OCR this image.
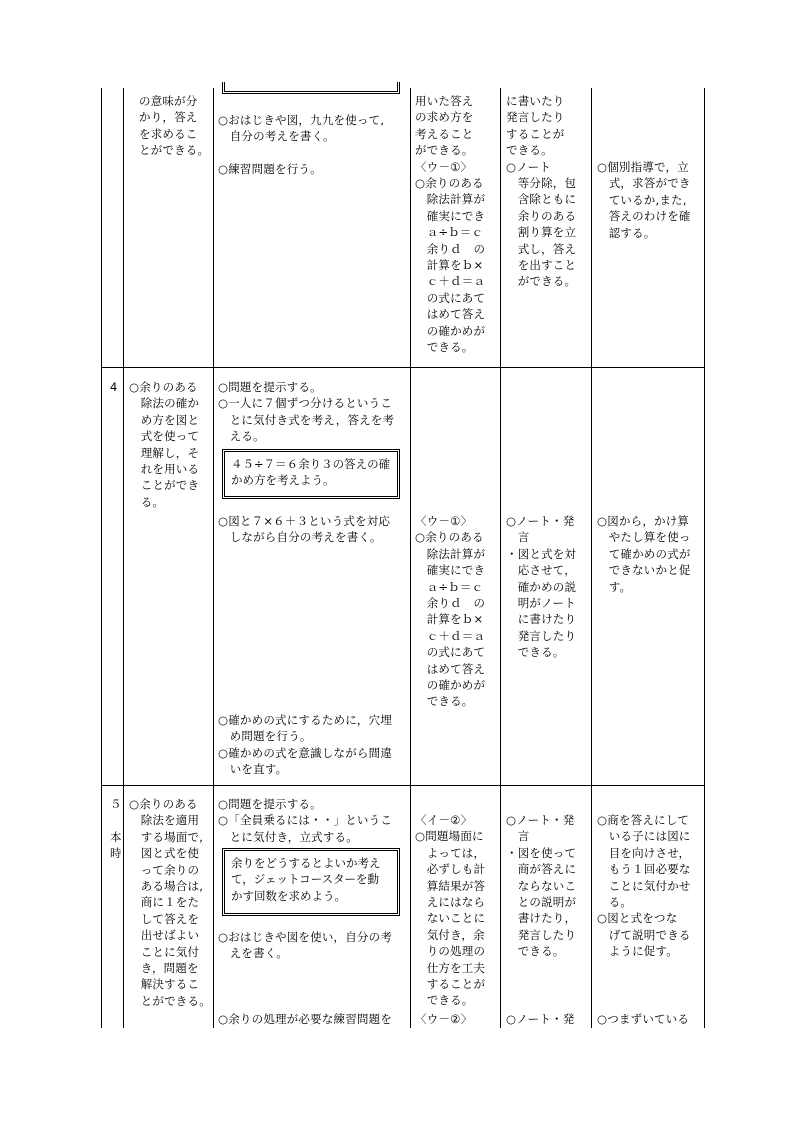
の意味が分
かり，答え
を求めるこ
とができる。
○おはじきや図，九九を使って,
　自分の考えを書く。

○練習問題を行う。
用いた答え
の求め方を
考えること
ができる。
〈ウ－①〉
○余りのある
　除法計算が
　確実にでき
　ａ÷ｂ＝ｃ
　余りｄ　の
　計算をｂ×
　ｃ＋ｄ＝ａ
　の式にあて
　はめて答え
　の確かめが
　できる。
に書いたり
発言したり
することが
できる。
○ノート
　等分除，包
　含除ともに
　余りのある
　割り算を立
　式し，答え
　を出すこと
　ができる。
○個別指導で，立
　式，求答ができ
　ているか,また,
　答えのわけを確
　認する。
4 ○余りのある
　除法の確か
　め方を図と
　式を使って
　理解し，そ
　れを用いる
　ことができ
　る。
○問題を提示する。
○一人に７個ずつ分けるというこ
　とに気付き式を考え，答えを考
　える。
４５÷７＝６余り３の答えの確
かめ方を考えよう。
○図と７×６＋３という式を対応
　しながら自分の考えを書く。
○確かめの式にするために，穴埋
　め問題を行う。
○確かめの式を意識しながら間違
　いを直す。
〈ウ－①〉
○余りのある
　除法計算が
　確実にでき
　ａ÷ｂ＝ｃ
　余りｄ　の
　計算をｂ×
　ｃ＋ｄ＝ａ
　の式にあて
　はめて答え
　の確かめが
　できる。
○ノート・発
　言
・図と式を対
　応させて，
　確かめの説
　明がノート
　に書けたり
　発言したり
　できる。
○図から，かけ算
　やたし算を使っ
　て確かめの式が
　できないかと促
　す。
５
本
時
○余りのある
　除法を適用
　する場面で,
　図と式を使
　って余りの
　ある場合は,
　商に１をた
　して答えを
　出せばよい
　ことに気付
　き，問題を
　解決するこ
　とができる。
○問題を提示する。
○「全員乗るには・・」というこ
　とに気付き，立式する。
余りをどうするとよいか考え
て，ジェットコースターを動
かす回数を求めよう。
○おはじきや図を使い，自分の考
　えを書く。
○余りの処理が必要な練習問題を
〈イ－②〉
○問題場面に
　よっては，
　必ずしも計
　算結果が答
　えにはなら
　ないことに
　気付き，余
　りの処理の
　仕方を工夫
　することが
　できる。
〈ウ－②〉
○ノート・発
　言
・図を使って
　商が答えに
　ならないこ
　との説明が
　書けたり，
　発言したり
　できる。
○ノート・発
○商を答えにして
　いる子には図に
　目を向けさせ，
　もう１回必要な
　ことに気付かせ
　る。
○図と式をつな
　げて説明できる
　ように促す。
○つまずいている
